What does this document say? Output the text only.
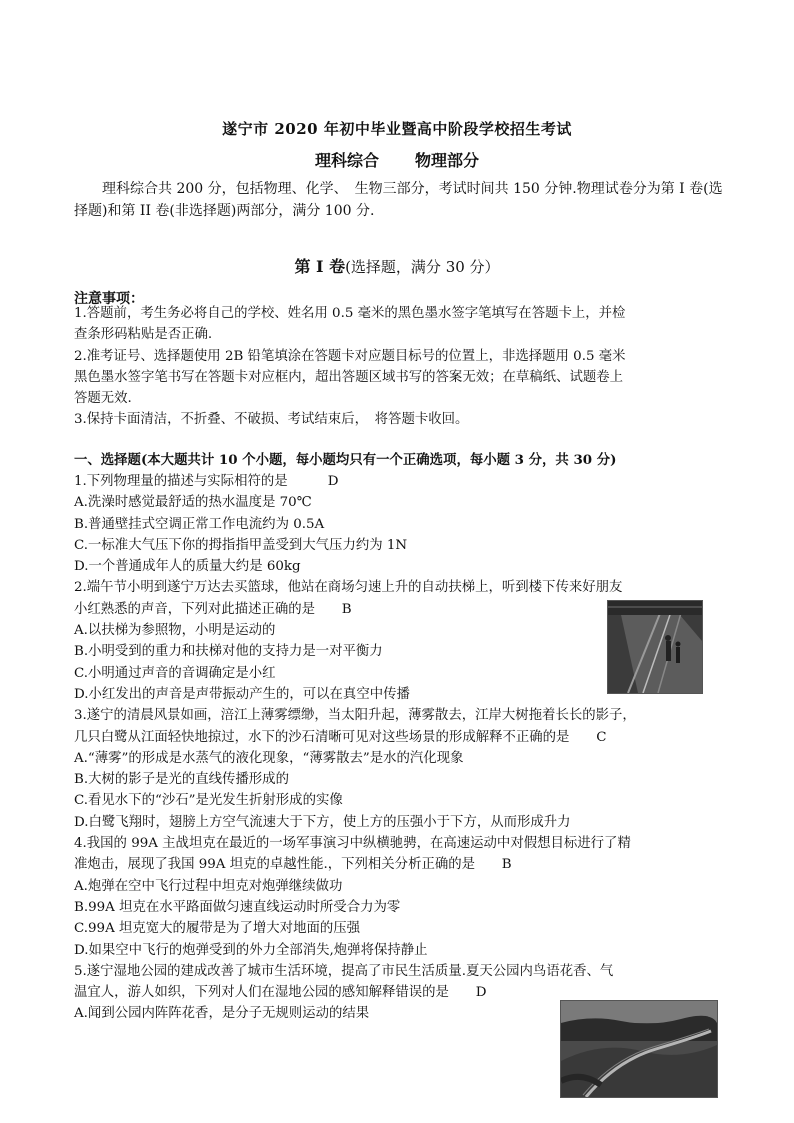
遂宁市 2020 年初中毕业暨高中阶段学校招生考试
理科综合 物理部分
理科综合共 200 分，包括物理、化学、　生物三部分，考试时间共 150 分钟.物理试卷分为第 I 卷(选择题)和第 II 卷(非选择题)两部分，满分 100 分.
第 I 卷(选择题，满分 30 分）
注意事项：
1.答题前，考生务必将自己的学校、姓名用 0.5 毫米的黑色墨水签字笔填写在答题卡上，并检
查条形码粘贴是否正确.
2.准考证号、选择题使用 2B 铅笔填涂在答题卡对应题目标号的位置上，非选择题用 0.5 毫米
黑色墨水签字笔书写在答题卡对应框内，超出答题区域书写的答案无效；在草稿纸、试题卷上
答题无效.
3.保持卡面清洁，不折叠、不破损、考试结束后，　将答题卡收回。
一、选择题(本大题共计 10 个小题，每小题均只有一个正确选项，每小题 3 分，共 30 分)
1.下列物理量的描述与实际相符的是　　　D
A.洗澡时感觉最舒适的热水温度是 70℃
B.普通壁挂式空调正常工作电流约为 0.5A
C.一标准大气压下你的拇指指甲盖受到大气压力约为 1N
D.一个普通成年人的质量大约是 60kg
2.端午节小明到遂宁万达去买篮球，他站在商场匀速上升的自动扶梯上，听到楼下传来好朋友
小红熟悉的声音，下列对此描述正确的是　　B
A.以扶梯为参照物，小明是运动的
B.小明受到的重力和扶梯对他的支持力是一对平衡力
C.小明通过声音的音调确定是小红
D.小红发出的声音是声带振动产生的，可以在真空中传播
3.遂宁的清晨风景如画，涪江上薄雾缥缈，当太阳升起，薄雾散去，江岸大树拖着长长的影子，
几只白鹭从江面轻快地掠过，水下的沙石清晰可见对这些场景的形成解释不正确的是　　C
A.“薄雾”的形成是水蒸气的液化现象，“薄雾散去”是水的汽化现象
B.大树的影子是光的直线传播形成的
C.看见水下的“沙石”是光发生折射形成的实像
D.白鹭飞翔时，翅膀上方空气流速大于下方，使上方的压强小于下方，从而形成升力
4.我国的 99A 主战坦克在最近的一场军事演习中纵横驰骋，在高速运动中对假想目标进行了精
准炮击，展现了我国 99A 坦克的卓越性能.，下列相关分析正确的是　　B
A.炮弹在空中飞行过程中坦克对炮弹继续做功
B.99A 坦克在水平路面做匀速直线运动时所受合力为零
C.99A 坦克宽大的履带是为了增大对地面的压强
D.如果空中飞行的炮弹受到的外力全部消失,炮弹将保持静止
5.遂宁湿地公园的建成改善了城市生活环境，提高了市民生活质量.夏天公园内鸟语花香、气
温宜人，游人如织，下列对人们在湿地公园的感知解释错误的是　　D
A.闻到公园内阵阵花香，是分子无规则运动的结果
